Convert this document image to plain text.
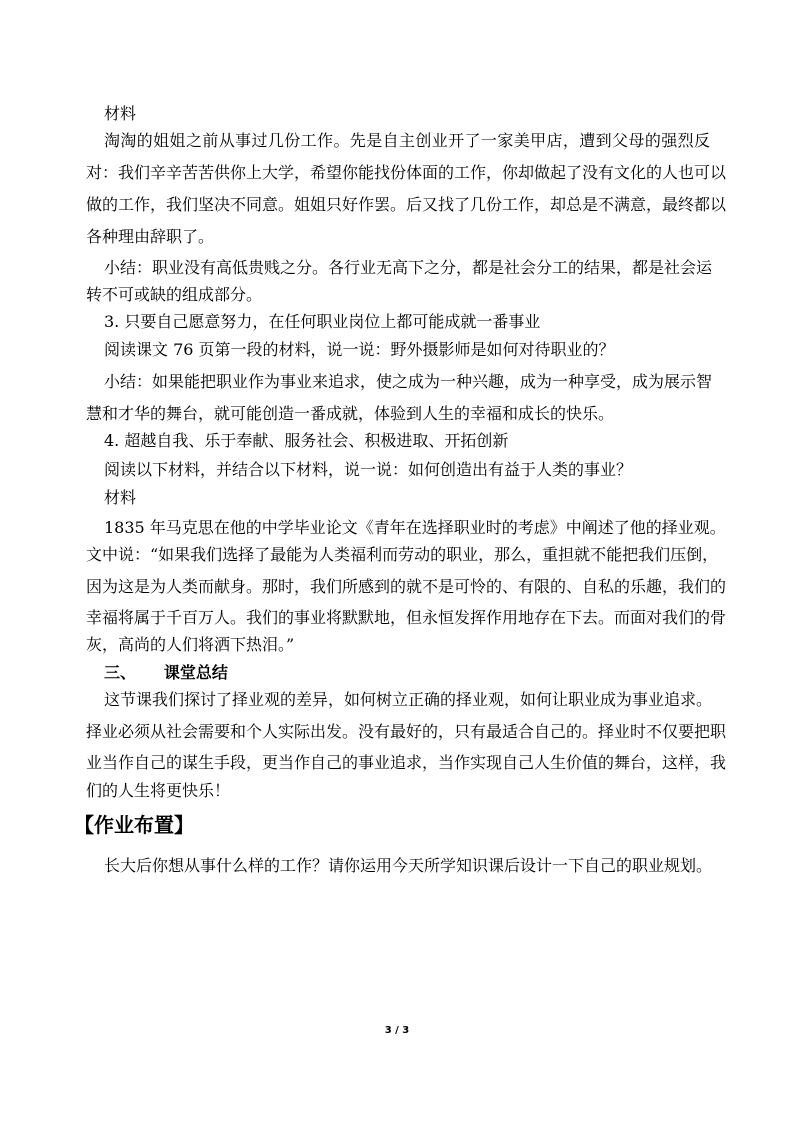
材料
淘淘的姐姐之前从事过几份工作。先是自主创业开了一家美甲店，遭到父母的强烈反
对：我们辛辛苦苦供你上大学，希望你能找份体面的工作，你却做起了没有文化的人也可以
做的工作，我们坚决不同意。姐姐只好作罢。后又找了几份工作，却总是不满意，最终都以
各种理由辞职了。
小结：职业没有高低贵贱之分。各行业无高下之分，都是社会分工的结果，都是社会运
转不可或缺的组成部分。
3. 只要自己愿意努力，在任何职业岗位上都可能成就一番事业
阅读课文 76 页第一段的材料，说一说：野外摄影师是如何对待职业的？
小结：如果能把职业作为事业来追求，使之成为一种兴趣，成为一种享受，成为展示智
慧和才华的舞台，就可能创造一番成就，体验到人生的幸福和成长的快乐。
4. 超越自我、乐于奉献、服务社会、积极进取、开拓创新
阅读以下材料，并结合以下材料，说一说：如何创造出有益于人类的事业？
材料
1835 年马克思在他的中学毕业论文《青年在选择职业时的考虑》中阐述了他的择业观。
文中说：“如果我们选择了最能为人类福利而劳动的职业，那么，重担就不能把我们压倒，
因为这是为人类而献身。那时，我们所感到的就不是可怜的、有限的、自私的乐趣，我们的
幸福将属于千百万人。我们的事业将默默地，但永恒发挥作用地存在下去。而面对我们的骨
灰，高尚的人们将洒下热泪。”
三、     课堂总结
这节课我们探讨了择业观的差异，如何树立正确的择业观，如何让职业成为事业追求。
择业必须从社会需要和个人实际出发。没有最好的，只有最适合自己的。择业时不仅要把职
业当作自己的谋生手段，更当作自己的事业追求，当作实现自己人生价值的舞台，这样，我
们的人生将更快乐！
【作业布置】
长大后你想从事什么样的工作？请你运用今天所学知识课后设计一下自己的职业规划。
3 / 3
